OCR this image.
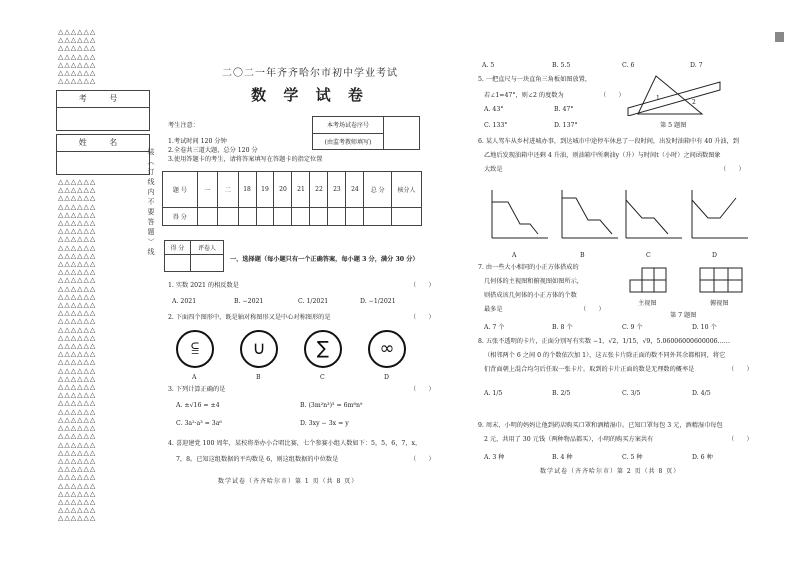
△△△△△△
△△△△△△
△△△△△△
△△△△△△
△△△△△△
△△△△△△
△△△△△△
考 号
姓 名
△△△△△△
△△△△△△
△△△△△△
△△△△△△
△△△△△△
△△△△△△
△△△△△△
△△△△△△
△△△△△△
△△△△△△
△△△△△△
△△△△△△
△△△△△△
△△△△△△
△△△△△△
△△△△△△
△△△△△△
△△△△△△
△△△△△△
△△△△△△
△△△△△△
△△△△△△
△△△△△△
△△△△△△
△△△△△△
△△△△△△
△△△△△△
△△△△△△
△△△△△△
△△△△△△
△△△△△△
△△△△△△
△△△△△△
△△△△△△
△△△△△△
△△△△△△
△△△△△△
△△△△△△
△△△△△△
△△△△△△
△△△△△△
△△△△△△
装（订线内不要答题）线
二〇二一年齐齐哈尔市初中学业考试
数 学 试 卷
考生注意：
1.考试时间 120 分钟
2.全卷共三道大题，总分 120 分
3.使用答题卡的考生，请将答案填写在答题卡的指定位置
本考场试卷序号	
(由监考教师填写)
题 号	一	二	18	19	20	21	22	23	24	总 分	核分人
得 分											
得 分	评卷人

一、选择题（每小题只有一个正确答案，每小题 3 分，满分 30 分）
1. 实数 2021 的相反数是	（　　）
A. 2021	B. −2021	C. 1/2021	D. −1/2021
2. 下面四个图形中，既是轴对称图形又是中心对称图形的是	（　　）
⫅	∪	∑	∞
A	B	C	D
3. 下列计算正确的是	（　　）
A. ±√16 = ±4	B. (3m²n³)³ = 6m⁶n⁹
C. 3a²·a³ = 3a⁶	D. 3xy − 3x = y
4. 喜迎建党 100 周年，某校将举办小合唱比赛，七个参赛小组人数如下：5，5，6，7，x，
7，8。已知这组数据的平均数是 6，则这组数据的中位数是	（　　）
数学试卷（齐齐哈尔市）第 1 页（共 8 页）
A. 5	B. 5.5	C. 6	D. 7
5. 一把直尺与一块直角三角板如图放置，
若∠1=47°，则∠2 的度数为	（　　）
A. 43°	B. 47°
C. 133°	D. 137°
1
2
第 5 题图
6. 某人驾车从乡村进城办事，到达城市中途停车休息了一段时间，出发时油箱中有 40 升油，到
乙地后发现油箱中还剩 4 升油，则油箱中所剩油y（升）与时间t（小时）之间函数图象
大致是	（　　）
A	B	C	D
7. 由一些大小相同的小正方体搭成的
几何体的主视图和俯视图如图所示，
则搭成该几何体的小正方体的个数
最多是	（　　）
主视图	俯视图
第 7 题图
A. 7 个	B. 8 个	C. 9 个	D. 10 个
8. 五张不透明的卡片，正面分别写有实数 −1，√2，1/15，√9，5.06006000600006……
（相邻两个 6 之间 0 的个数依次加 1），这五张卡片除正面的数不同外其余都相同，将它
们背面朝上混合均匀后任取一张卡片，取到的卡片正面的数是无理数的概率是	（　　）
A. 1/5	B. 2/5	C. 3/5	D. 4/5
9. 周末，小明的妈妈让他到药店购买口罩和酒精湿巾。已知口罩每包 3 元，酒精湿巾每包
2 元，共用了 30 元钱（两种物品都买），小明的购买方案共有	（　　）
A. 3 种	B. 4 种	C. 5 种	D. 6 种
数学试卷（齐齐哈尔市）第 2 页（共 8 页）
